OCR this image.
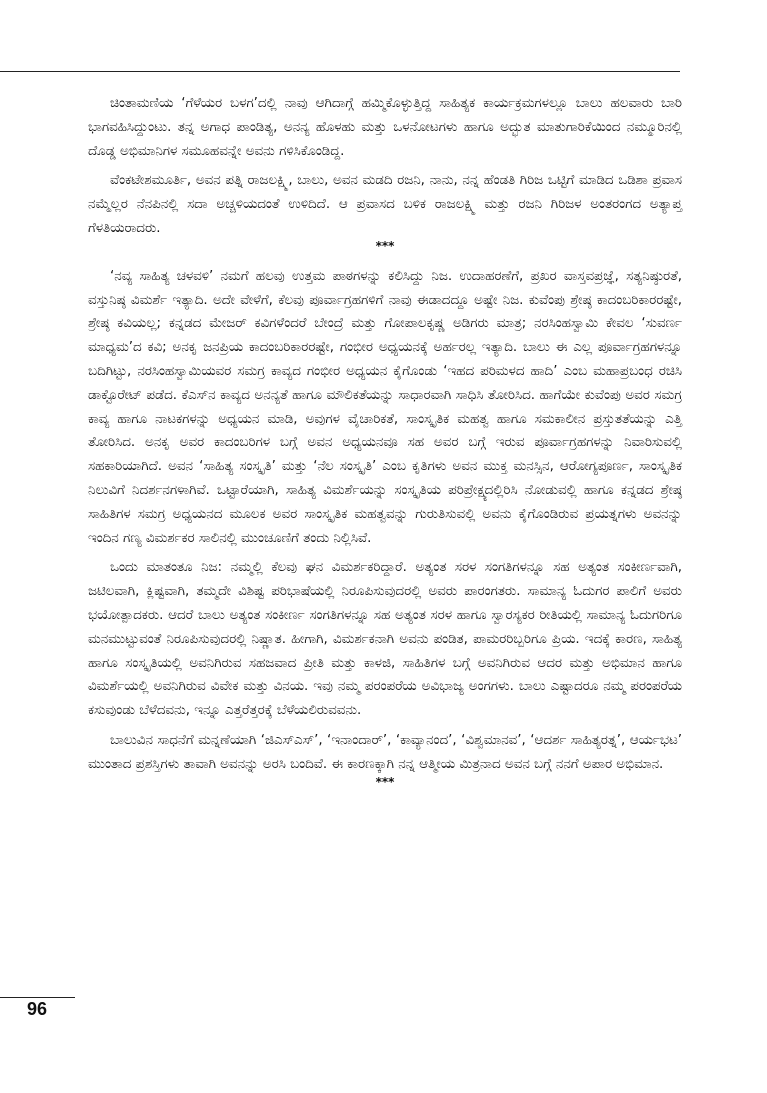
ಚಿಂತಾಮಣಿಯ ‘ಗೆಳೆಯರ ಬಳಗ’ದಲ್ಲಿ ನಾವು ಆಗಿದಾಗ್ಗೆ ಹಮ್ಮಿಕೊಳ್ಳುತ್ತಿದ್ದ ಸಾಹಿತ್ಯಕ ಕಾರ್ಯಕ್ರಮಗಳಲ್ಲೂ ಬಾಲು ಹಲವಾರು ಬಾರಿ ಭಾಗವಹಿಸಿದ್ದುಂಟು. ತನ್ನ ಅಗಾಧ ಪಾಂಡಿತ್ಯ, ಅನನ್ಯ ಹೊಳಹು ಮತ್ತು ಒಳನೋಟಗಳು ಹಾಗೂ ಅದ್ಭುತ ಮಾತುಗಾರಿಕೆಯಿಂದ ನಮ್ಮೂರಿನಲ್ಲಿ ದೊಡ್ಡ ಅಭಿಮಾನಿಗಳ ಸಮೂಹವನ್ನೇ ಅವನು ಗಳಿಸಿಕೊಂಡಿದ್ದ.

ವೆಂಕಟೇಶಮೂರ್ತಿ, ಅವನ ಪತ್ನಿ ರಾಜಲಕ್ಷ್ಮಿ, ಬಾಲು, ಅವನ ಮಡದಿ ರಜನಿ, ನಾನು, ನನ್ನ ಹೆಂಡತಿ ಗಿರಿಜ ಒಟ್ಟಿಗೆ ಮಾಡಿದ ಒಡಿಶಾ ಪ್ರವಾಸ ನಮ್ಮೆಲ್ಲರ ನೆನಪಿನಲ್ಲಿ ಸದಾ ಅಚ್ಚಳಿಯದಂತೆ ಉಳಿದಿದೆ. ಆ ಪ್ರವಾಸದ ಬಳಿಕ ರಾಜಲಕ್ಷ್ಮಿ ಮತ್ತು ರಜನಿ ಗಿರಿಜಳ ಅಂತರಂಗದ ಅತ್ಯಾಪ್ತ ಗೆಳತಿಯರಾದರು.

***

‘ನವ್ಯ ಸಾಹಿತ್ಯ ಚಳವಳಿ’ ನಮಗೆ ಹಲವು ಉತ್ತಮ ಪಾಠಗಳನ್ನು ಕಲಿಸಿದ್ದು ನಿಜ. ಉದಾಹರಣೆಗೆ, ಪ್ರಖರ ವಾಸ್ತವಪ್ರಜ್ಞೆ, ಸತ್ಯನಿಷ್ಠುರತೆ, ವಸ್ತುನಿಷ್ಠ ವಿಮರ್ಶೆ ಇತ್ಯಾದಿ. ಅದೇ ವೇಳೆಗೆ, ಕೆಲವು ಪೂರ್ವಾಗ್ರಹಗಳಿಗೆ ನಾವು ಈಡಾದದ್ದೂ ಅಷ್ಟೇ ನಿಜ. ಕುವೆಂಪು ಶ್ರೇಷ್ಠ ಕಾದಂಬರಿಕಾರರಷ್ಟೇ, ಶ್ರೇಷ್ಠ ಕವಿಯಲ್ಲ; ಕನ್ನಡದ ಮೇಜರ್ ಕವಿಗಳೆಂದರೆ ಬೇಂದ್ರೆ ಮತ್ತು ಗೋಪಾಲಕೃಷ್ಣ ಅಡಿಗರು ಮಾತ್ರ; ನರಸಿಂಹಸ್ವಾಮಿ ಕೇವಲ ‘ಸುವರ್ಣ ಮಾಧ್ಯಮ’ದ ಕವಿ; ಅನಕೃ ಜನಪ್ರಿಯ ಕಾದಂಬರಿಕಾರರಷ್ಟೇ, ಗಂಭೀರ ಅಧ್ಯಯನಕ್ಕೆ ಅರ್ಹರಲ್ಲ ಇತ್ಯಾದಿ. ಬಾಲು ಈ ಎಲ್ಲ ಪೂರ್ವಾಗ್ರಹಗಳನ್ನೂ ಬದಿಗಿಟ್ಟು, ನರಸಿಂಹಸ್ವಾಮಿಯವರ ಸಮಗ್ರ ಕಾವ್ಯದ ಗಂಭೀರ ಅಧ್ಯಯನ ಕೈಗೊಂಡು ‘ಇಹದ ಪರಿಮಳದ ಹಾದಿ’ ಎಂಬ ಮಹಾಪ್ರಬಂಧ ರಚಿಸಿ ಡಾಕ್ಟೊರೇಟ್ ಪಡೆದ. ಕೆಎಸ್‌ನ ಕಾವ್ಯದ ಅನನ್ಯತೆ ಹಾಗೂ ಮೌಲಿಕತೆಯನ್ನು ಸಾಧಾರವಾಗಿ ಸಾಧಿಸಿ ತೋರಿಸಿದ. ಹಾಗೆಯೇ ಕುವೆಂಪು ಅವರ ಸಮಗ್ರ ಕಾವ್ಯ ಹಾಗೂ ನಾಟಕಗಳನ್ನು ಅಧ್ಯಯನ ಮಾಡಿ, ಅವುಗಳ ವೈಚಾರಿಕತೆ, ಸಾಂಸ್ಕೃತಿಕ ಮಹತ್ವ ಹಾಗೂ ಸಮಕಾಲೀನ ಪ್ರಸ್ತುತತೆಯನ್ನು ಎತ್ತಿ ತೋರಿಸಿದ. ಅನಕೃ ಅವರ ಕಾದಂಬರಿಗಳ ಬಗ್ಗೆ ಅವನ ಅಧ್ಯಯನವೂ ಸಹ ಅವರ ಬಗ್ಗೆ ಇರುವ ಪೂರ್ವಾಗ್ರಹಗಳನ್ನು ನಿವಾರಿಸುವಲ್ಲಿ ಸಹಕಾರಿಯಾಗಿದೆ. ಅವನ ‘ಸಾಹಿತ್ಯ ಸಂಸ್ಕೃತಿ’ ಮತ್ತು ‘ನೆಲ ಸಂಸ್ಕೃತಿ’ ಎಂಬ ಕೃತಿಗಳು ಅವನ ಮುಕ್ತ ಮನಸ್ಸಿನ, ಆರೋಗ್ಯಪೂರ್ಣ, ಸಾಂಸ್ಕೃತಿಕ ನಿಲುವಿಗೆ ನಿದರ್ಶನಗಳಾಗಿವೆ. ಒಟ್ಟಾರೆಯಾಗಿ, ಸಾಹಿತ್ಯ ವಿಮರ್ಶೆಯನ್ನು ಸಂಸ್ಕೃತಿಯ ಪರಿಪ್ರೇಕ್ಷ್ಯದಲ್ಲಿರಿಸಿ ನೋಡುವಲ್ಲಿ ಹಾಗೂ ಕನ್ನಡದ ಶ್ರೇಷ್ಠ ಸಾಹಿತಿಗಳ ಸಮಗ್ರ ಅಧ್ಯಯನದ ಮೂಲಕ ಅವರ ಸಾಂಸ್ಕೃತಿಕ ಮಹತ್ವವನ್ನು ಗುರುತಿಸುವಲ್ಲಿ ಅವನು ಕೈಗೊಂಡಿರುವ ಪ್ರಯತ್ನಗಳು ಅವನನ್ನು ಇಂದಿನ ಗಣ್ಯ ವಿಮರ್ಶಕರ ಸಾಲಿನಲ್ಲಿ ಮುಂಚೂಣಿಗೆ ತಂದು ನಿಲ್ಲಿಸಿವೆ.

ಒಂದು ಮಾತಂತೂ ನಿಜ: ನಮ್ಮಲ್ಲಿ ಕೆಲವು ಘನ ವಿಮರ್ಶಕರಿದ್ದಾರೆ. ಅತ್ಯಂತ ಸರಳ ಸಂಗತಿಗಳನ್ನೂ ಸಹ ಅತ್ಯಂತ ಸಂಕೀರ್ಣವಾಗಿ, ಜಟಿಲವಾಗಿ, ಕ್ಲಿಷ್ಟವಾಗಿ, ತಮ್ಮದೇ ವಿಶಿಷ್ಟ ಪರಿಭಾಷೆಯಲ್ಲಿ ನಿರೂಪಿಸುವುದರಲ್ಲಿ ಅವರು ಪಾರಂಗತರು. ಸಾಮಾನ್ಯ ಓದುಗರ ಪಾಲಿಗೆ ಅವರು ಭಯೋತ್ಪಾದಕರು. ಆದರೆ ಬಾಲು ಅತ್ಯಂತ ಸಂಕೀರ್ಣ ಸಂಗತಿಗಳನ್ನೂ ಸಹ ಅತ್ಯಂತ ಸರಳ ಹಾಗೂ ಸ್ವಾರಸ್ಯಕರ ರೀತಿಯಲ್ಲಿ ಸಾಮಾನ್ಯ ಓದುಗರಿಗೂ ಮನಮುಟ್ಟುವಂತೆ ನಿರೂಪಿಸುವುದರಲ್ಲಿ ನಿಷ್ಣಾತ. ಹೀಗಾಗಿ, ವಿಮರ್ಶಕನಾಗಿ ಅವನು ಪಂಡಿತ, ಪಾಮರರಿಬ್ಬರಿಗೂ ಪ್ರಿಯ. ಇದಕ್ಕೆ ಕಾರಣ, ಸಾಹಿತ್ಯ ಹಾಗೂ ಸಂಸ್ಕೃತಿಯಲ್ಲಿ ಅವನಿಗಿರುವ ಸಹಜವಾದ ಪ್ರೀತಿ ಮತ್ತು ಕಾಳಜಿ, ಸಾಹಿತಿಗಳ ಬಗ್ಗೆ ಅವನಿಗಿರುವ ಆದರ ಮತ್ತು ಅಭಿಮಾನ ಹಾಗೂ ವಿಮರ್ಶೆಯಲ್ಲಿ ಅವನಿಗಿರುವ ವಿವೇಕ ಮತ್ತು ವಿನಯ. ಇವು ನಮ್ಮ ಪರಂಪರೆಯ ಅವಿಭಾಜ್ಯ ಅಂಗಗಳು. ಬಾಲು ಎಷ್ಟಾದರೂ ನಮ್ಮ ಪರಂಪರೆಯ ಕಸುವುಂಡು ಬೆಳೆದವನು, ಇನ್ನೂ ಎತ್ತರೆತ್ತರಕ್ಕೆ ಬೆಳೆಯಲಿರುವವನು.

ಬಾಲುವಿನ ಸಾಧನೆಗೆ ಮನ್ನಣೆಯಾಗಿ ‘ಜಿಎಸ್‌ಎಸ್’, ‘ಇನಾಂದಾರ್’, ‘ಕಾವ್ಯಾನಂದ’, ‘ವಿಶ್ವಮಾನವ’, ‘ಆದರ್ಶ ಸಾಹಿತ್ಯರತ್ನ’, ಆರ್ಯಭಟ’ ಮುಂತಾದ ಪ್ರಶಸ್ತಿಗಳು ತಾವಾಗಿ ಅವನನ್ನು ಅರಸಿ ಬಂದಿವೆ. ಈ ಕಾರಣಕ್ಕಾಗಿ ನನ್ನ ಆತ್ಮೀಯ ಮಿತ್ರನಾದ ಅವನ ಬಗ್ಗೆ ನನಗೆ ಅಪಾರ ಅಭಿಮಾನ.

***
96
